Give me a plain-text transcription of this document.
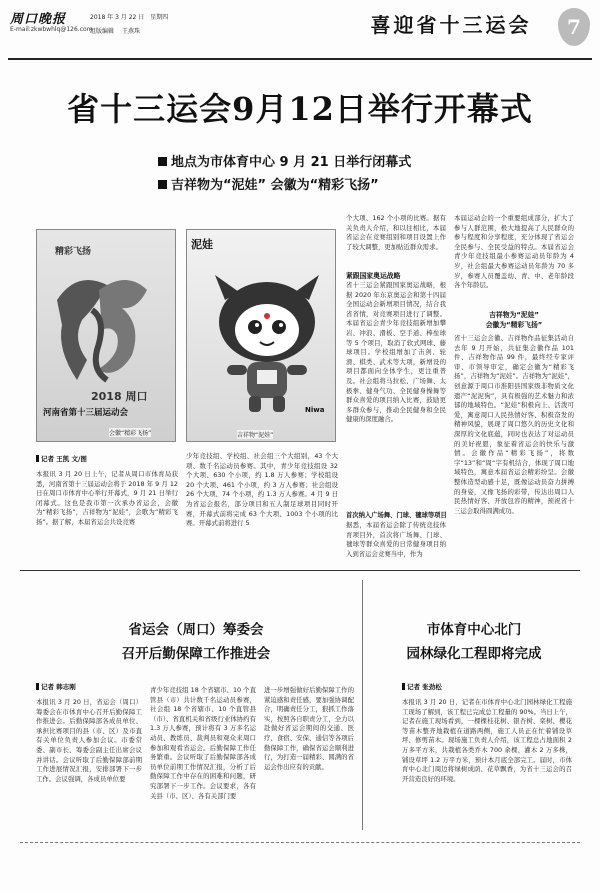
周口晚报
E-mail:zkwbwhlq@126.com
2018 年 3 月 22 日 星期四
组版编辑 王燕珠	喜迎省十三运会	7
省十三运会9月12日举行开幕式
地点为市体育中心 9 月 21 日举行闭幕式
吉祥物为“泥娃” 会徽为“精彩飞扬”
精彩飞扬
2018 周口
河南省第十三届运动会
会徽“精彩飞扬”
泥娃
Niwa
吉祥物“泥娃”
记者 王凯 文/图
本报讯 3 月 20 日上午，记者从周口市体育局获悉，河南省第十三届运动会将于 2018 年 9 月 12 日在周口市体育中心举行开幕式，9 月 21 日举行闭幕式。这也是我市第一次承办省运会，会徽为“精彩飞扬”，吉祥物为“泥娃”，会歌为“精彩飞扬”。据了解，本届省运会共设竞赛
少年竞技组、学校组、社会组三个大组别，43 个大项、数千名运动员参赛。其中，青少年竞技组设 32 个大项、630 个小项，约 1.8 万人参赛；学校组设 20 个大项、461 个小项，约 3 万人参赛；社会组设 26 个大项、74 个小项，约 1.3 万人参赛。4 月 9 日为省运会报名，部分项目和五人制足球项目同时开赛，开幕式前将完成 63 个大项、1003 个小项的比赛。开幕式前将进行 5
个大项、162 个小项的比赛。据有关负责人介绍，和以往相比，本届省运会在竞赛组别和项目设置上作了较大调整，更加贴近群众需求。
紧跟国家奥运战略
省十三运会紧跟国家奥运战略，根据 2020 年东京奥运会和第十四届全国运动会新增项目情况，结合我省省情，对竞赛项目进行了调整。本届省运会青少年竞技组新增加攀岩、冲浪、滑板、空手道、棒垒球等 5 个项目，取消了软式网球、藤球项目。学校组增加了击剑、轮滑、棋类、武术等大项，新增设的项目都面向全体学生，更注重普及。社会组将马拉松、广场舞、太极拳、健身气功、全民健身操舞等群众喜爱的项目纳入比赛，鼓励更多群众参与，推动全民健身和全民健康的深度融合。
首次纳入广场舞、门球、毽球等项目
据悉，本届省运会除了传统竞技体育项目外，首次将广场舞、门球、毽球等群众喜爱的日常健身项目纳入到省运会竞赛当中，作为
本届运动会的一个重要组成部分，扩大了参与人群范围，极大地提高了人民群众的参与程度和分享程度，充分体现了省运会全民参与、全民受益的特点。本届省运会青少年竞技组最小参赛运动员年龄为 4 岁，社会组最大参赛运动员年龄为 70 多岁，参赛人员覆盖幼、青、中、老年龄段各个年龄层。
吉祥物为“泥娃”
会徽为“精彩飞扬”
省十三运会会徽、吉祥物作品征集活动自去年 9 月开始，共征集会徽作品 101 件、吉祥物作品 99 件，最终经专家评审、市领导审定，确定会徽为“精彩飞扬”，吉祥物为“泥娃”。吉祥物为“泥娃”，创意源于周口市淮阳县国家级非物质文化遗产“泥泥狗”，具有极强的艺术魅力和浓郁的地域特色。“泥娃”积极向上、活泼可爱，寓意周口人民热情好客、积极奋发的精神风貌，展现了周口悠久的历史文化和深厚的文化底蕴，同时也表达了对运动员的美好祝愿，象征着省运会的快乐与激情。会徽作品“精彩飞扬”，将数字“13”和“周“字有机结合，体现了周口地域特色，寓意本届省运会精彩纷呈。会徽整体造型动感十足，既像运动员奋力拼搏的身姿，又像飞扬的彩带，传达出周口人民热情好客、开放包容的精神，预祝省十三运会取得圆满成功。
省运会（周口）筹委会
召开后勤保障工作推进会
记者 韩志刚
本报讯 3 月 20 日，省运会（周口）筹委会在市体育中心召开后勤保障工作推进会。后勤保障部各成员单位、承担比赛项目的县（市、区）及市直有关单位负责人参加会议。市委常委、副市长、筹委会副主任出席会议并讲话。会议听取了后勤保障部前期工作进展情况汇报，安排部署下一步工作。会议强调，各成员单位要
青少年竞技组 18 个省辖市、10 个直管县（市）共计数千名运动员参赛，社会组 18 个省辖市、10 个直管县（市）、省直机关和省级行业体协约有 1.3 万人参赛，预计将有 3 万多名运动员、教练员、裁判员和观众来周口参加和观看省运会。后勤保障工作任务繁重。会议听取了后勤保障部各成员单位前期工作情况汇报，分析了后勤保障工作中存在的困难和问题，研究部署下一步工作。会议要求，各有关县（市、区）、各有关部门要
进一步增强做好后勤保障工作的紧迫感和责任感，要加强协调配合，明确责任分工，狠抓工作落实，按照各自职责分工，全力以赴做好省运会期间的交通、医疗、食宿、安保、通信等各项后勤保障工作，确保省运会顺利进行，为打造一届精彩、圆满的省运会作出应有的贡献。
市体育中心北门
园林绿化工程即将完成
记者 张劲松
本报讯 3 月 20 日，记者在市体育中心北门园林绿化工程施工现场了解到，该工程已完成总工程量的 90%。当日上午，记者在施工现场看到，一棵棵桂花树、银杏树、栾树、樱花等苗木整齐地栽植在道路两侧，施工人员正在忙着铺设草坪、修剪苗木。现场施工负责人介绍，该工程总占地面积 2 万多平方米，共栽植各类乔木 700 余棵、灌木 2 万多株，铺设草坪 1.2 万平方米，预计本月底全部完工。届时，市体育中心北门周边将绿树成荫、花草飘香，为省十三运会的召开营造良好的环境。
